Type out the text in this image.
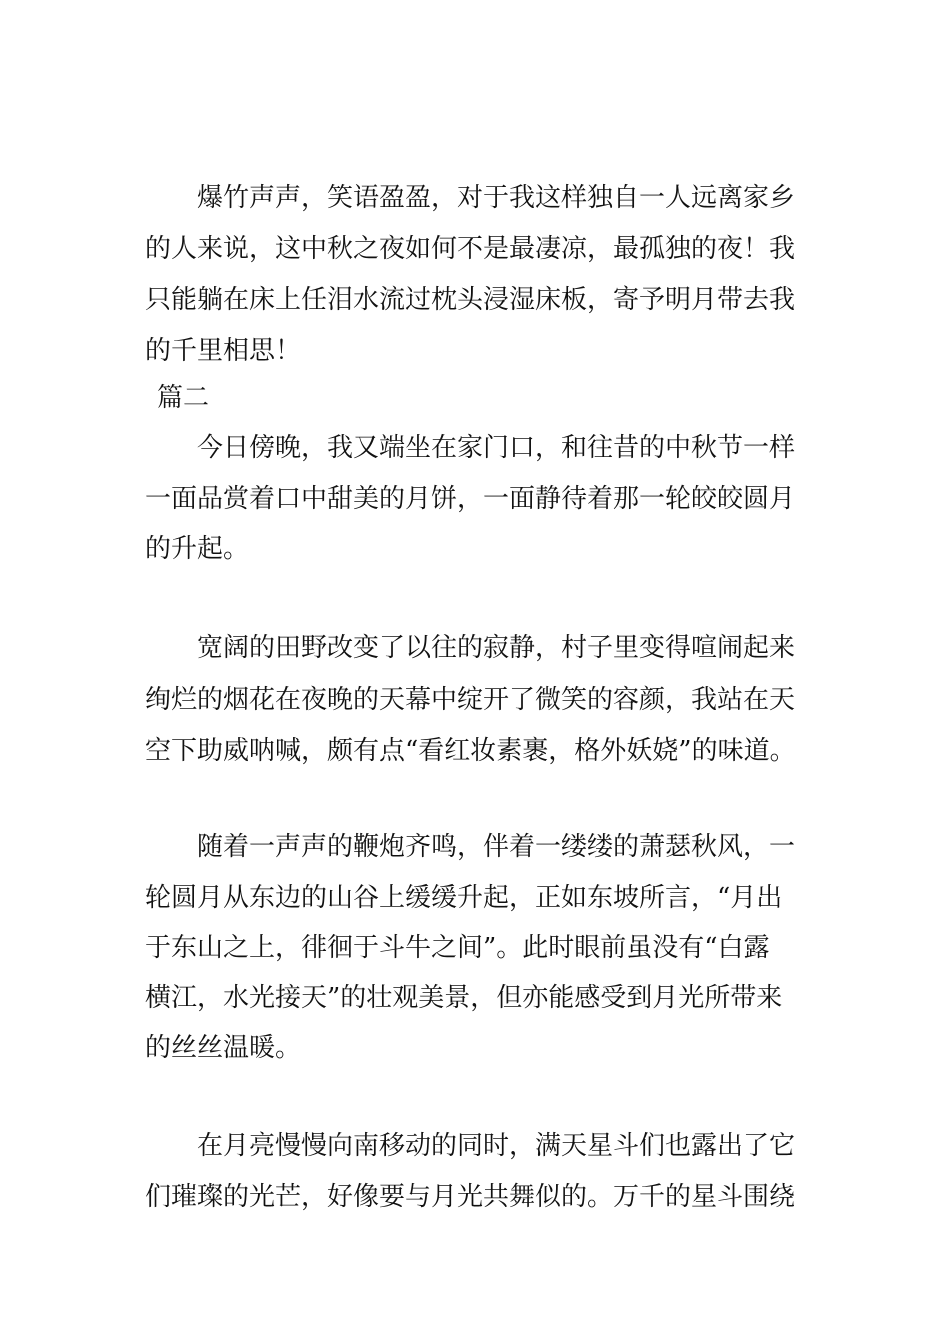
爆竹声声，笑语盈盈，对于我这样独自一人远离家乡
的人来说，这中秋之夜如何不是最凄凉，最孤独的夜！我
只能躺在床上任泪水流过枕头浸湿床板，寄予明月带去我
的千里相思！
篇二
今日傍晚，我又端坐在家门口，和往昔的中秋节一样
一面品赏着口中甜美的月饼，一面静待着那一轮皎皎圆月
的升起。
宽阔的田野改变了以往的寂静，村子里变得喧闹起来
绚烂的烟花在夜晚的天幕中绽开了微笑的容颜，我站在天
空下助威呐喊，颇有点“看红妆素裹，格外妖娆”的味道。
随着一声声的鞭炮齐鸣，伴着一缕缕的萧瑟秋风，一
轮圆月从东边的山谷上缓缓升起，正如东坡所言，“月出
于东山之上，徘徊于斗牛之间”。此时眼前虽没有“白露
横江，水光接天”的壮观美景，但亦能感受到月光所带来
的丝丝温暖。
在月亮慢慢向南移动的同时，满天星斗们也露出了它
们璀璨的光芒，好像要与月光共舞似的。万千的星斗围绕
